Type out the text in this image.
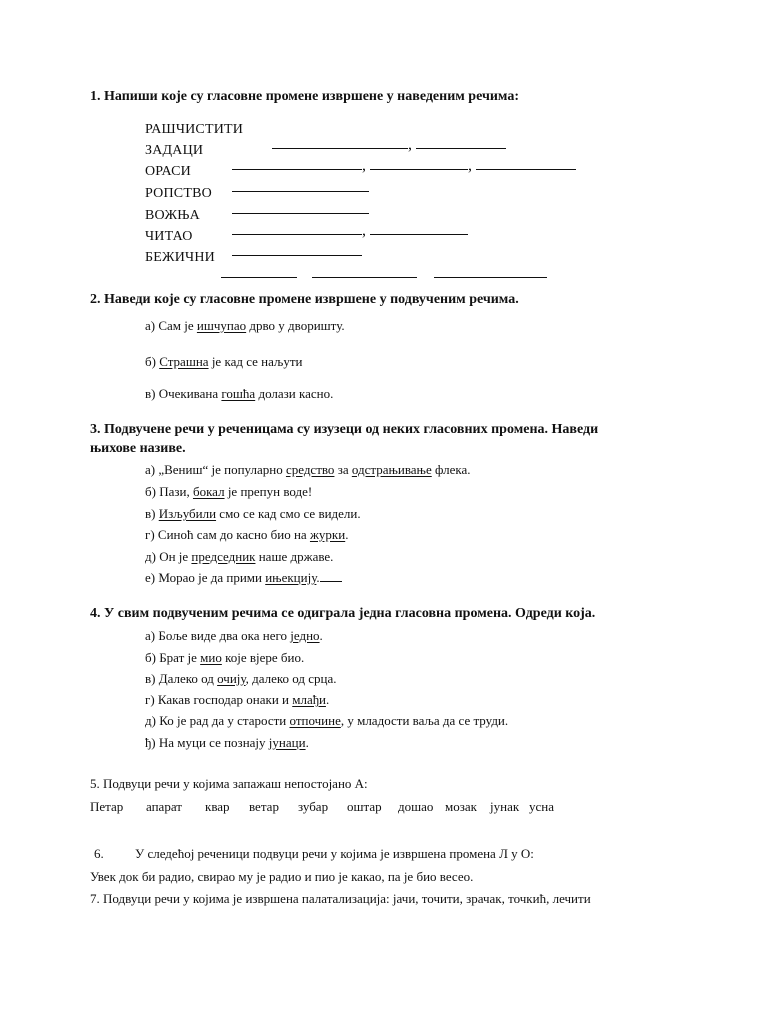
1. Напиши које су гласовне промене извршене у наведеним речима:
РАШЧИСТИТИ
,
ЗАДАЦИ
,	,
ОРАСИ
РОПСТВО
ВОЖЊА
,
ЧИТАО
БЕЖИЧНИ
2. Наведи које су гласовне промене извршене у подвученим речима.
а) Сам је ишчупао дрво у дворишту.
б) Страшна је кад се наљути
в) Очекивана гошћа долази касно.
3. Подвучене речи у реченицама су изузеци од неких гласовних промена. Наведи
њихове називе.
а) „Вениш“ је популарно средство за одстрањивање флека.
б) Пази, бокал је препун воде!
в) Изљубили смо се кад смо се видели.
г) Синоћ сам до касно био на журки.
д) Он је председник наше државе.
е) Морао је да прими ињекцију.
4. У свим подвученим речима се одиграла једна гласовна промена. Одреди која.
а) Боље виде два ока него једно.
б) Брат је мио које вјере био.
в) Далеко од очију, далеко од срца.
г) Какав господар онаки и млађи.
д) Ко је рад да у старости отпочине, у младости ваља да се труди.
ђ) На муци се познају јунаци.
5. Подвуци речи у којима запажаш непостојано А:
Петар апарат квар ветар зубар оштар дошао мозак јунак усна
6. У следећој реченици подвуци речи у којима је извршена промена Л у О:
Увек док би радио, свирао му је радио и пио је какао, па је био весео.
7. Подвуци речи у којима је извршена палатализација: јачи, точити, зрачак, точкић, лечити
